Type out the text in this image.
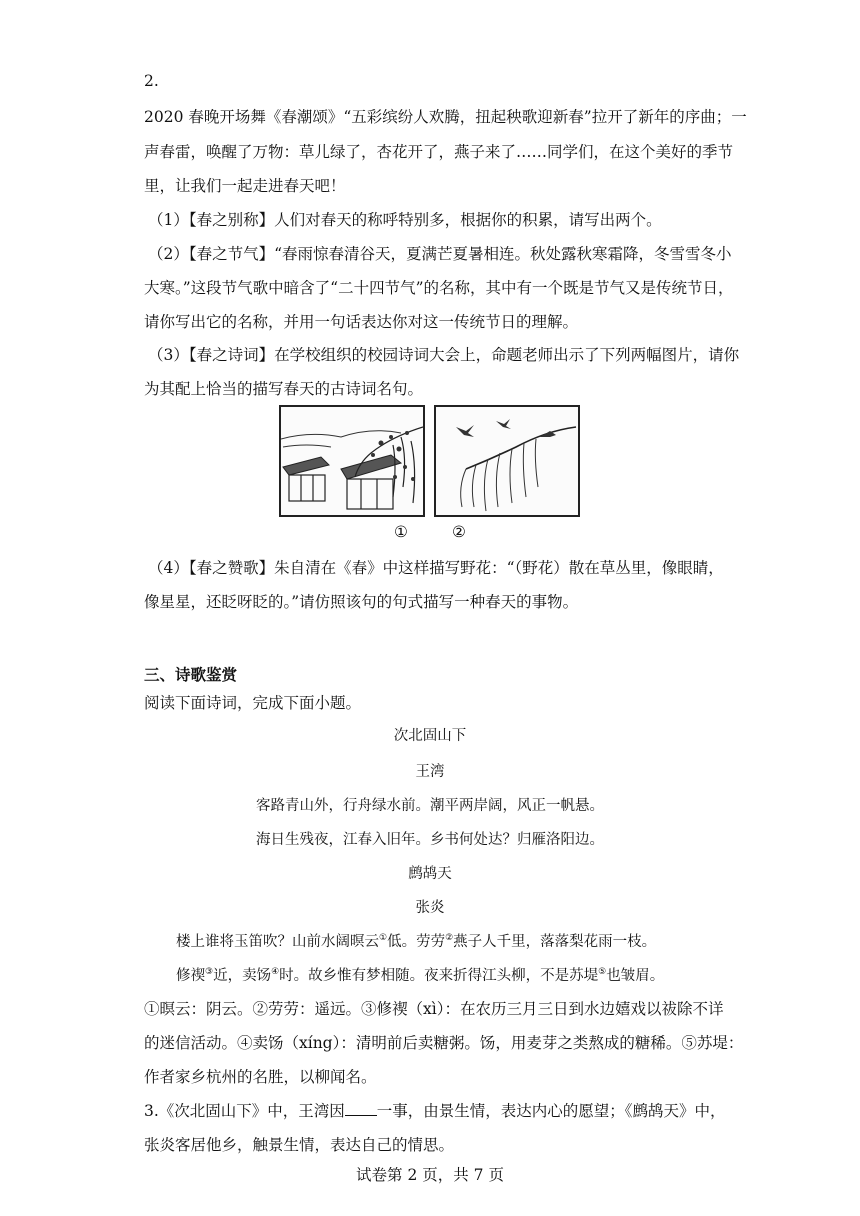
2.
2020 春晚开场舞《春潮颂》“五彩缤纷人欢腾，扭起秧歌迎新春”拉开了新年的序曲；一
声春雷，唤醒了万物：草儿绿了，杏花开了，燕子来了……同学们，在这个美好的季节
里，让我们一起走进春天吧！
（1）【春之别称】人们对春天的称呼特别多，根据你的积累，请写出两个。
（2）【春之节气】“春雨惊春清谷天，夏满芒夏暑相连。秋处露秋寒霜降，冬雪雪冬小
大寒。”这段节气歌中暗含了“二十四节气”的名称，其中有一个既是节气又是传统节日，
请你写出它的名称，并用一句话表达你对这一传统节日的理解。
（3）【春之诗词】在学校组织的校园诗词大会上，命题老师出示了下列两幅图片，请你
为其配上恰当的描写春天的古诗词名句。
①	②
（4）【春之赞歌】朱自清在《春》中这样描写野花：“（野花）散在草丛里，像眼睛，
像星星，还眨呀眨的。”请仿照该句的句式描写一种春天的事物。
三、诗歌鉴赏
阅读下面诗词，完成下面小题。
次北固山下
王湾
客路青山外，行舟绿水前。潮平两岸阔，风正一帆悬。
海日生残夜，江春入旧年。乡书何处达？归雁洛阳边。
鹧鸪天
张炎
楼上谁将玉笛吹？山前水阔暝云①低。劳劳②燕子人千里，落落梨花雨一枝。
修禊③近，卖饧④时。故乡惟有梦相随。夜来折得江头柳，不是苏堤⑤也皱眉。
①暝云：阴云。②劳劳：遥远。③修禊（xì）：在农历三月三日到水边嬉戏以祓除不详
的迷信活动。④卖饧（xíng）：清明前后卖糖粥。饧，用麦芽之类熬成的糖稀。⑤苏堤：
作者家乡杭州的名胜，以柳闻名。
3.《次北固山下》中，王湾因 一事，由景生情，表达内心的愿望；《鹧鸪天》中，
张炎客居他乡，触景生情，表达自己的情思。
试卷第 2 页，共 7 页
